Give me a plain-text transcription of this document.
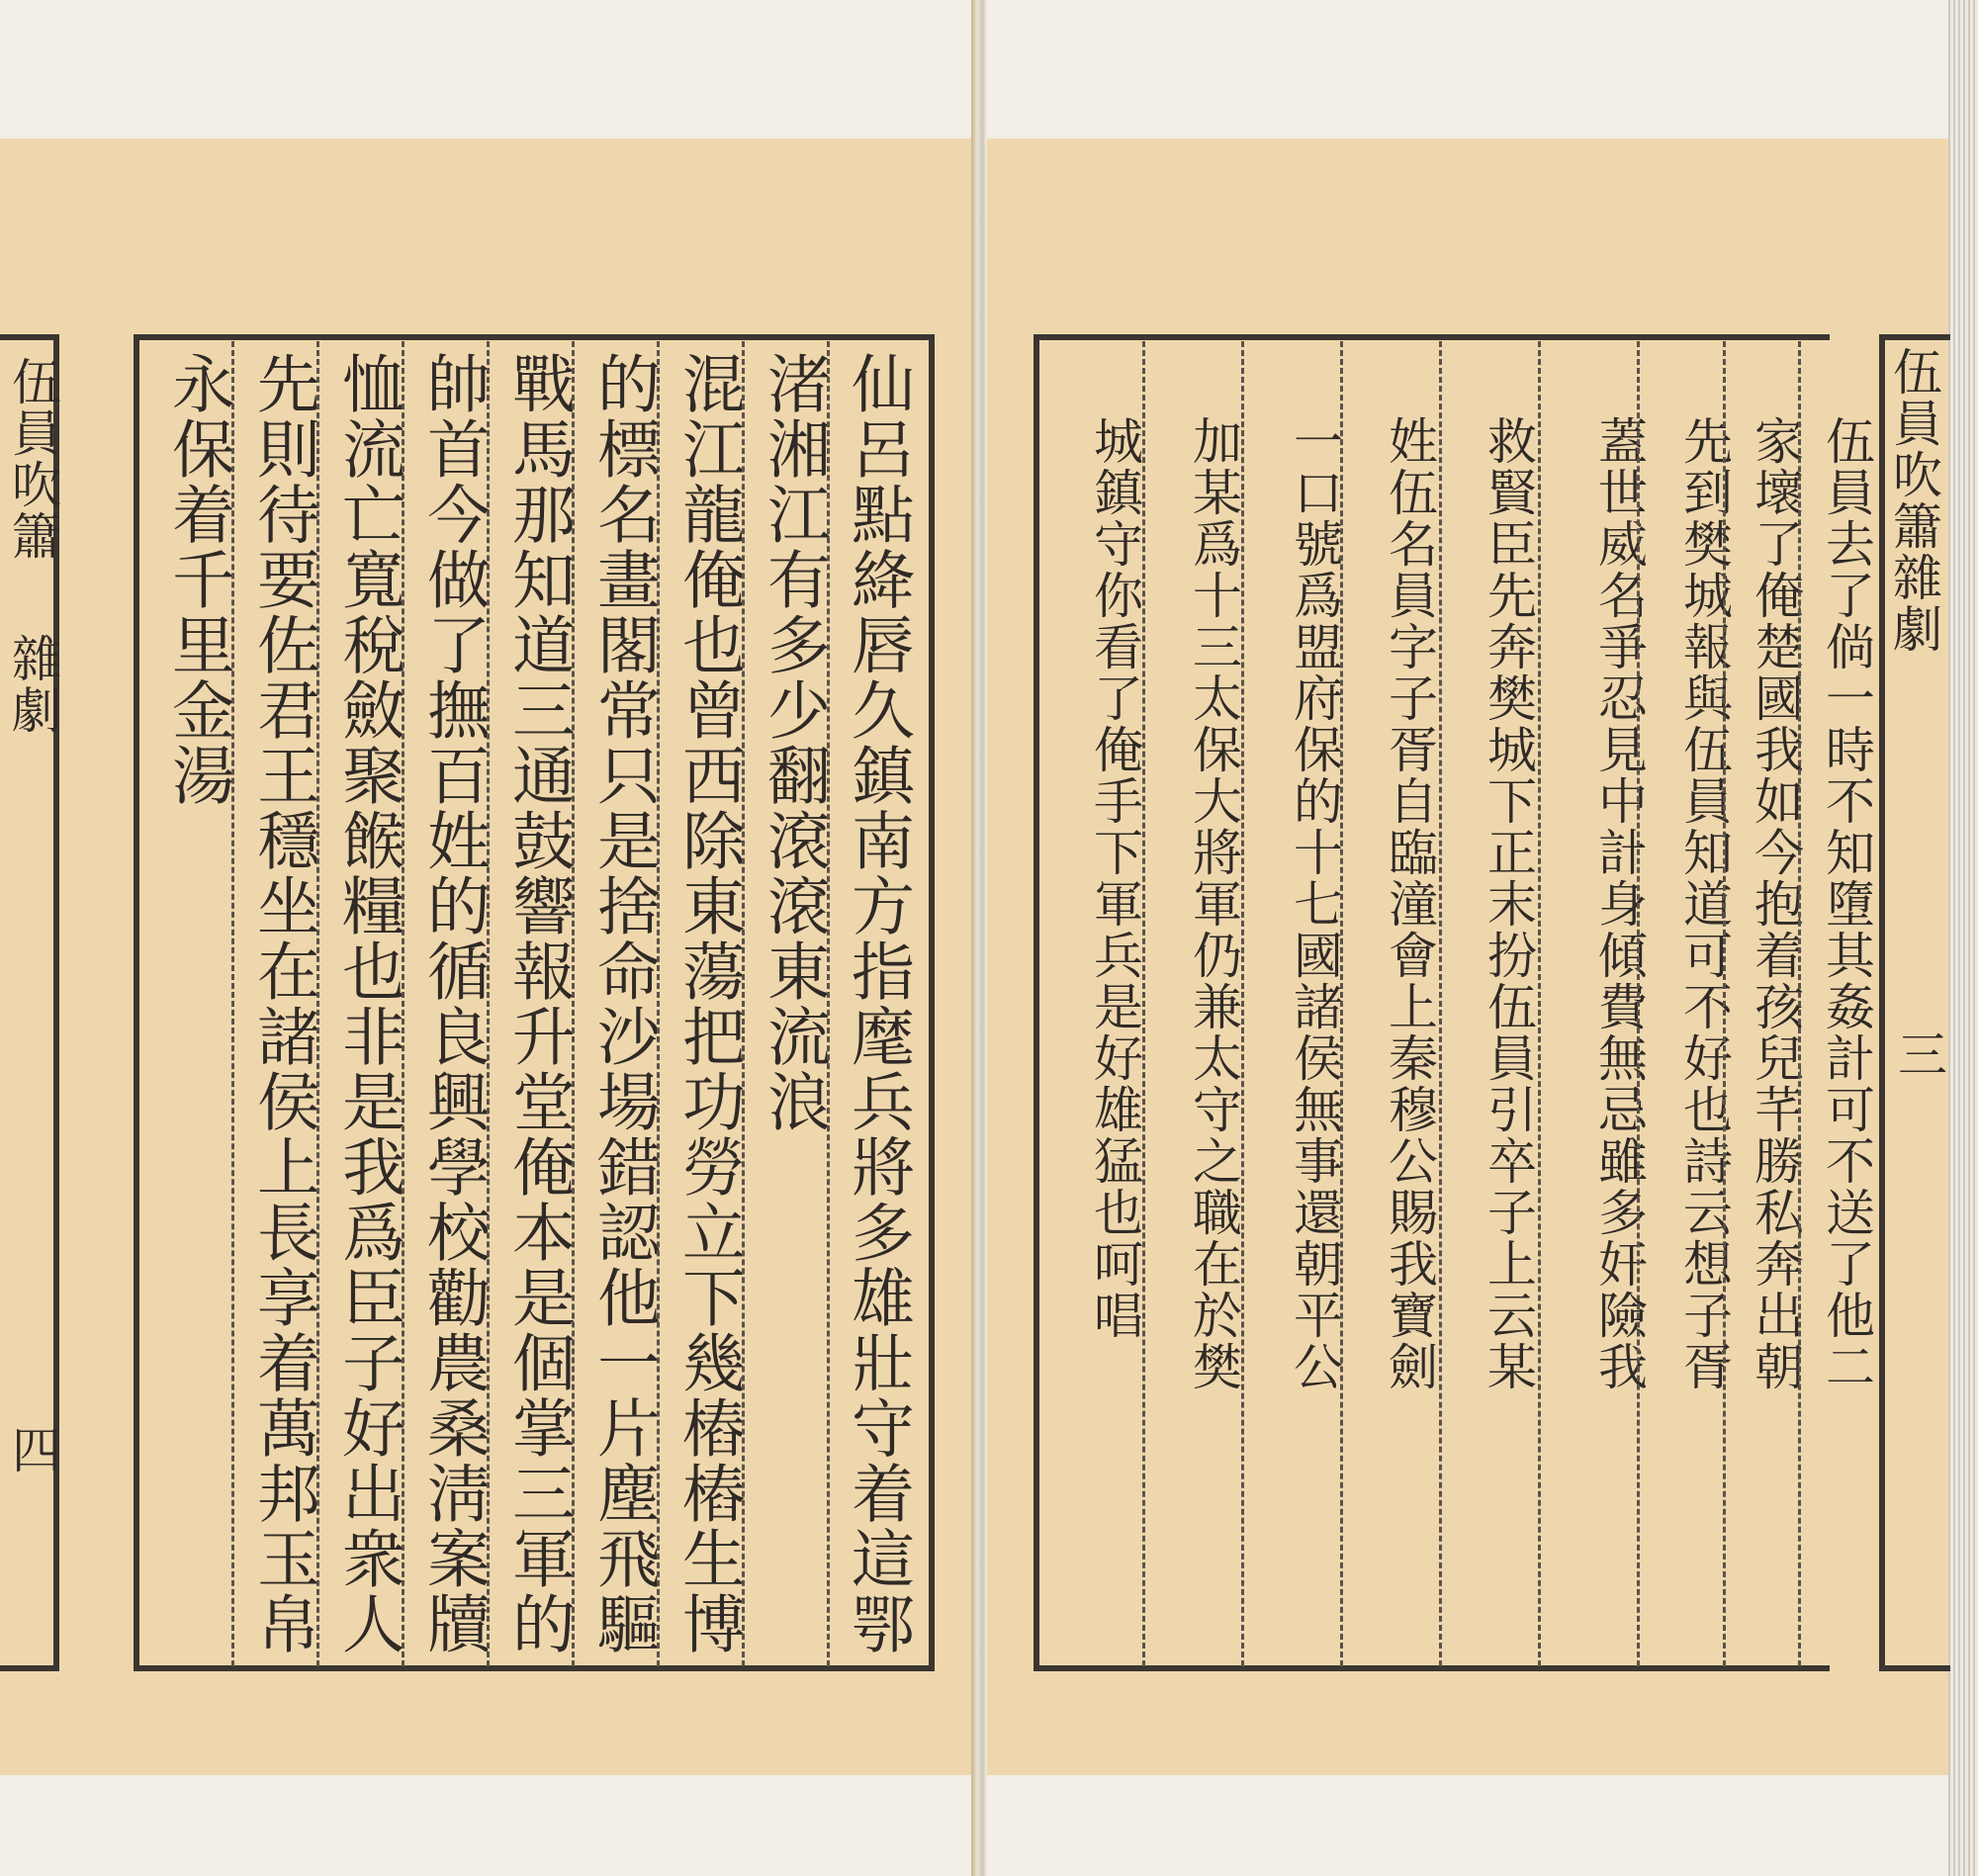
伍員吹簫
雜劇
四	仙呂點絳唇久鎮南方指麾兵將多雄壯守着這鄂
渚湘江有多少翻滾滾東流浪
混江龍俺也曾西除東蕩把功勞立下幾樁樁生博
的標名畫閣常只是捨命沙場錯認他一片塵飛驅
戰馬那知道三通鼓響報升堂俺本是個掌三軍的
帥首今做了撫百姓的循良興學校勸農桑淸案牘
恤流亡寬稅斂聚餱糧也非是我爲臣子好出衆人
先則待要佐君王穩坐在諸侯上長享着萬邦玉帛
永保着千里金湯	伍員吹簫雜劇
三
伍員去了倘一時不知墮其姦計可不送了他二
家壞了俺楚國我如今抱着孩兒芊勝私奔出朝
先到樊城報與伍員知道可不好也詩云想子胥
蓋世威名爭忍見中計身傾費無忌雖多奸險我
救賢臣先奔樊城下正末扮伍員引卒子上云某
姓伍名員字子胥自臨潼會上秦穆公賜我寶劍
一口號爲盟府保的十七國諸侯無事還朝平公
加某爲十三太保大將軍仍兼太守之職在於樊
城鎮守你看了俺手下軍兵是好雄猛也呵唱
